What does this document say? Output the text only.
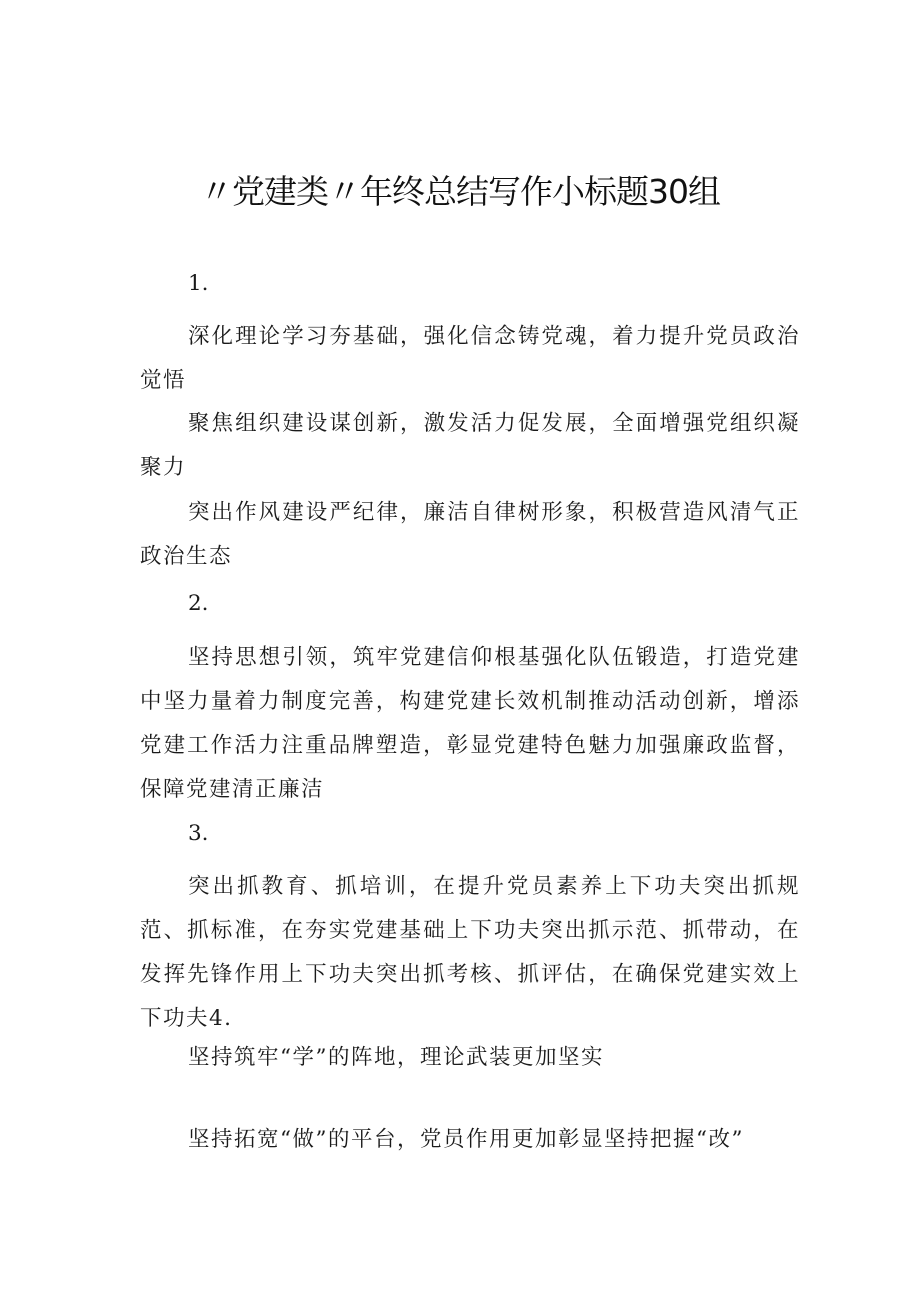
〃党建类〃年终总结写作小标题30组
1.
深化理论学习夯基础，强化信念铸党魂，着力提升党员政治觉悟
聚焦组织建设谋创新，激发活力促发展，全面增强党组织凝聚力
突出作风建设严纪律，廉洁自律树形象，积极营造风清气正政治生态
2.
坚持思想引领，筑牢党建信仰根基强化队伍锻造，打造党建中坚力量着力制度完善，构建党建长效机制推动活动创新，增添党建工作活力注重品牌塑造，彰显党建特色魅力加强廉政监督，保障党建清正廉洁
3.
突出抓教育、抓培训，在提升党员素养上下功夫突出抓规范、抓标准，在夯实党建基础上下功夫突出抓示范、抓带动，在发挥先锋作用上下功夫突出抓考核、抓评估，在确保党建实效上下功夫4.
坚持筑牢“学”的阵地，理论武装更加坚实
坚持拓宽“做”的平台，党员作用更加彰显坚持把握“改”
